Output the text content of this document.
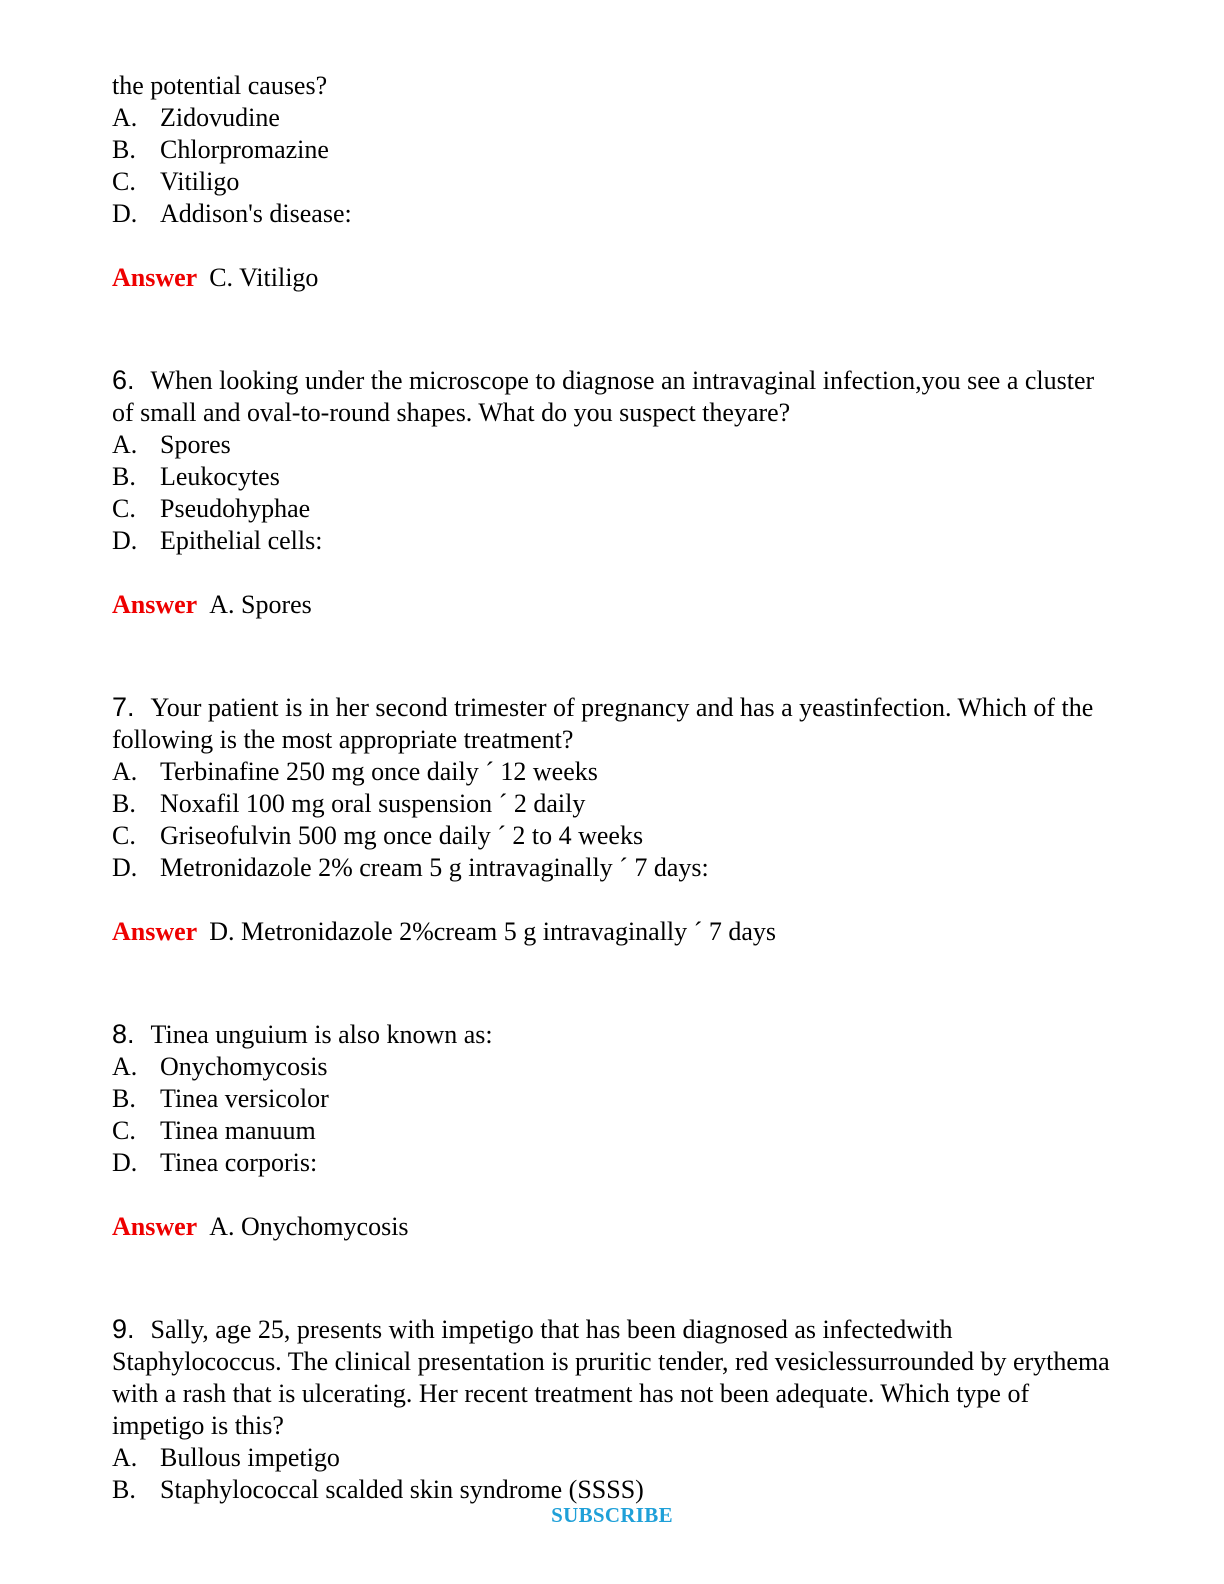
the potential causes?
A. Zidovudine
B. Chlorpromazine
C. Vitiligo
D. Addison's disease:
Answer C. Vitiligo
6. When looking under the microscope to diagnose an intravaginal infection,you see a cluster of small and oval-to-round shapes. What do you suspect theyare?
A. Spores
B. Leukocytes
C. Pseudohyphae
D. Epithelial cells:
Answer A. Spores
7. Your patient is in her second trimester of pregnancy and has a yeastinfection. Which of the following is the most appropriate treatment?
A. Terbinafine 250 mg once daily ´ 12 weeks
B. Noxafil 100 mg oral suspension ´ 2 daily
C. Griseofulvin 500 mg once daily ´ 2 to 4 weeks
D. Metronidazole 2% cream 5 g intravaginally ´ 7 days:
Answer D. Metronidazole 2%cream 5 g intravaginally ´ 7 days
8. Tinea unguium is also known as:
A. Onychomycosis
B. Tinea versicolor
C. Tinea manuum
D. Tinea corporis:
Answer A. Onychomycosis
9. Sally, age 25, presents with impetigo that has been diagnosed as infectedwith Staphylococcus. The clinical presentation is pruritic tender, red vesiclessurrounded by erythema with a rash that is ulcerating. Her recent treatment has not been adequate. Which type of impetigo is this?
A. Bullous impetigo
B. Staphylococcal scalded skin syndrome (SSSS)
SUBSCRIBE
